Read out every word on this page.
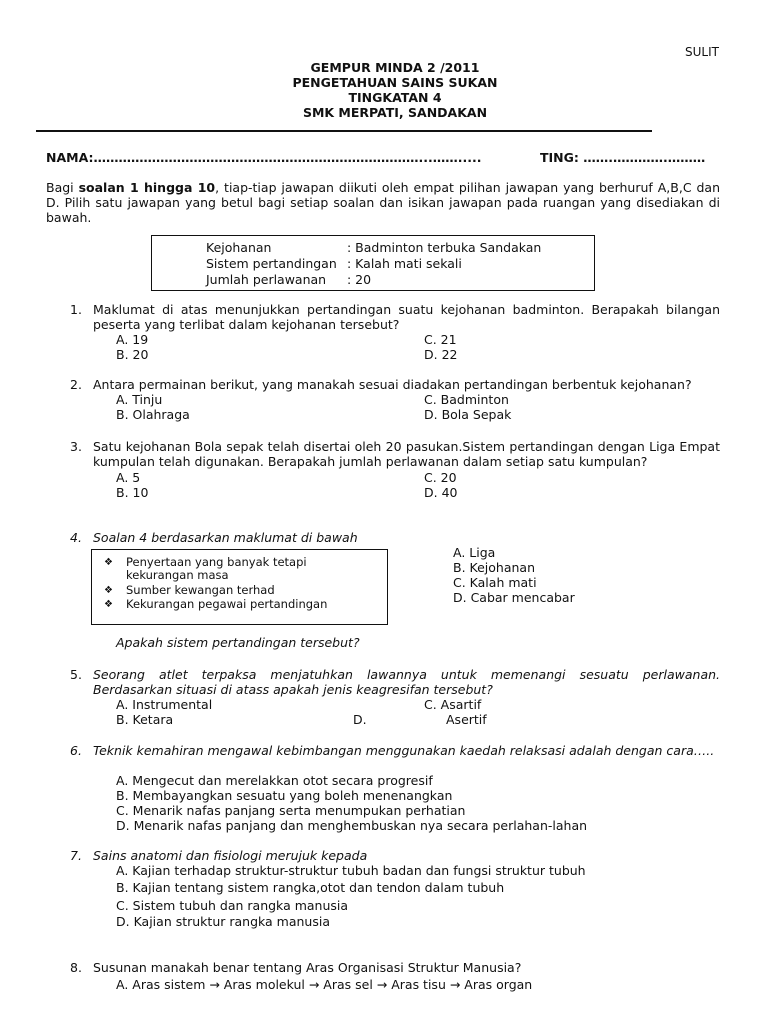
SULIT
GEMPUR MINDA 2 /2011
PENGETAHUAN SAINS SUKAN
TINGKATAN 4
SMK MERPATI, SANDAKAN
NAMA:……………………………………………………………………...…….....	TING: …….………….………
Bagi soalan 1 hingga 10, tiap-tiap jawapan diikuti oleh empat pilihan jawapan yang berhuruf A,B,C dan D. Pilih satu jawapan yang betul bagi setiap soalan dan isikan jawapan pada ruangan yang disediakan di bawah.
Kejohanan	: Badminton terbuka Sandakan
Sistem pertandingan : Kalah mati sekali
Jumlah perlawanan : 20
1. Maklumat di atas menunjukkan pertandingan suatu kejohanan badminton. Berapakah bilangan peserta yang terlibat dalam kejohanan tersebut?
A. 19
B. 20
C. 21
D. 22
2. Antara permainan berikut, yang manakah sesuai diadakan pertandingan berbentuk kejohanan?
A. Tinju
B. Olahraga
C. Badminton
D. Bola Sepak
3. Satu kejohanan Bola sepak telah disertai oleh 20 pasukan.Sistem pertandingan dengan Liga Empat kumpulan telah digunakan. Berapakah jumlah perlawanan dalam setiap satu kumpulan?
A. 5
B. 10
C. 20
D. 40
4. Soalan 4 berdasarkan maklumat di bawah
❖ Penyertaan yang banyak tetapi kekurangan masa
❖ Sumber kewangan terhad
❖ Kekurangan pegawai pertandingan
A. Liga
B. Kejohanan
C. Kalah mati
D. Cabar mencabar
Apakah sistem pertandingan tersebut?
5. Seorang atlet terpaksa menjatuhkan lawannya untuk memenangi sesuatu perlawanan. Berdasarkan situasi di atass apakah jenis keagresifan tersebut?
A. Instrumental
B. Ketara
C. Asartif
D.	Asertif
6. Teknik kemahiran mengawal kebimbangan menggunakan kaedah relaksasi adalah dengan cara…..
A. Mengecut dan merelakkan otot secara progresif
B. Membayangkan sesuatu yang boleh menenangkan
C. Menarik nafas panjang serta menumpukan perhatian
D. Menarik nafas panjang dan menghembuskan nya secara perlahan-lahan
7. Sains anatomi dan fisiologi merujuk kepada
A. Kajian terhadap struktur-struktur tubuh badan dan fungsi struktur tubuh
B. Kajian tentang sistem rangka,otot dan tendon dalam tubuh
C. Sistem tubuh dan rangka manusia
D. Kajian struktur rangka manusia
8. Susunan manakah benar tentang Aras Organisasi Struktur Manusia?
A. Aras sistem → Aras molekul → Aras sel → Aras tisu → Aras organ
